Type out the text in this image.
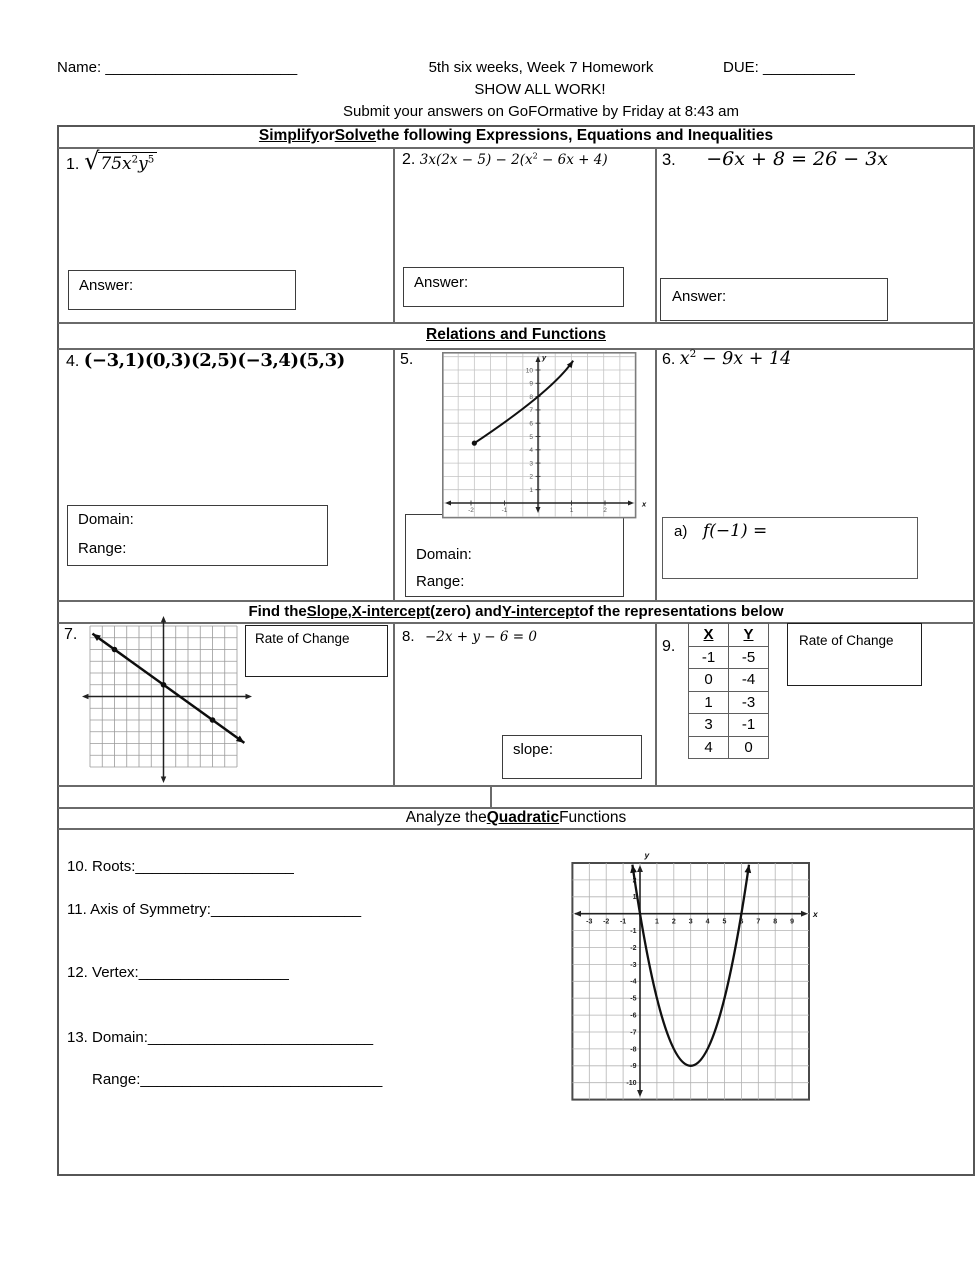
Name: _______________________	5th six weeks, Week 7 Homework	DUE: ___________
SHOW ALL WORK!
Submit your answers on GoFOrmative by Friday at 8:43 am
Simplify or Solve the following Expressions, Equations and Inequalities
Relations and Functions
Find the Slope , X-intercept (zero) and Y-intercept of the representations below
Analyze the Quadratic Functions
1. $√75x^2y^5$
Answer:
2. $3x(2x - 5) - 2(x^2 - 6x + 4)$
Answer:
3. −6x + 8 = 26 − 3x
Answer:
4. (−3,1)(0,3)(2,5)(−3,4)(5,3)
Domain:
Range:
5.
Domain:
Range:
1
2
3
4
5
6
7
8
9
10
-2	-1	1	2
y
x
6. $x^2 - 9x + 14$
a) f(−1) =
7.	Rate of Change	8. −2x + y − 6 = 0
slope:
9.
X	Y
-1	-5
0	-4
1	-3
3	-1
4	0
Rate of Change
10. Roots:___________________
11. Axis of Symmetry:__________________
12. Vertex:__________________
13. Domain:___________________________
Range:_____________________________
-3 -2 -1	1 2 3 4 5 6 7 8 9
2
1
-1
-2
-3
-4
-5
-6
-7
-8
-9
-10
y
x
